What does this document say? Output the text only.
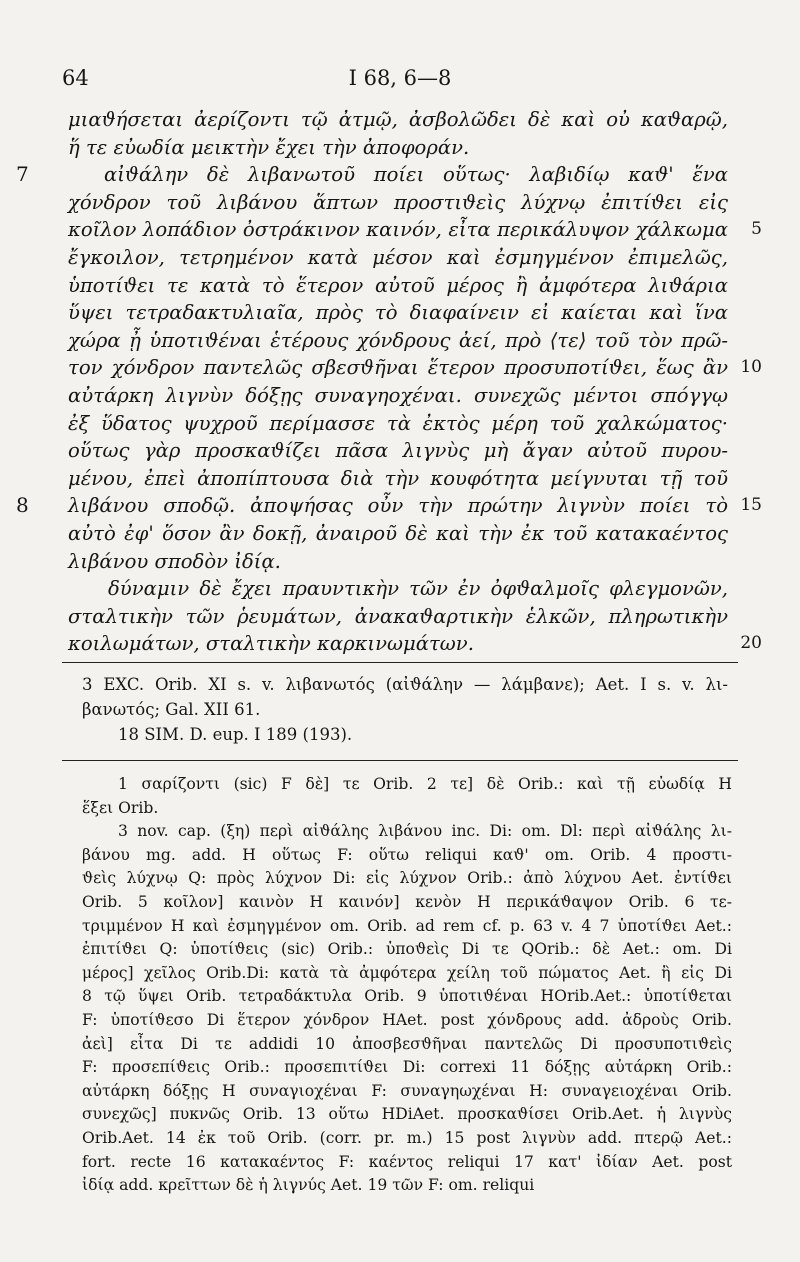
64	I 68, 6—8
μιαϑήσεται ἀερίζοντι τῷ ἀτμῷ, ἀσβολῶδει δὲ καὶ οὐ καϑαρῷ,
ἥ τε εὐωδία μεικτὴν ἔχει τὴν ἀποφοράν.
7	αἰϑάλην δὲ λιβανωτοῦ ποίει οὕτως· λαβιδίῳ καϑ' ἕνα
χόνδρον τοῦ λιβάνου ἅπτων προστιϑεὶς λύχνῳ ἐπιτίϑει εἰς
κοῖλον λοπάδιον ὀστράκινον καινόν, εἶτα περικάλυψον χάλκωμα 5
ἔγκοιλον, τετρημένον κατὰ μέσον καὶ ἐσμηγμένον ἐπιμελῶς,
ὑποτίϑει τε κατὰ τὸ ἕτερον αὐτοῦ μέρος ἢ ἀμφότερα λιϑάρια
ὕψει τετραδακτυλιαῖα, πρὸς τὸ διαφαίνειν εἰ καίεται καὶ ἵνα
χώρα ᾖ ὑποτιϑέναι ἑτέρους χόνδρους ἀεί, πρὸ ⟨τε⟩ τοῦ τὸν πρῶ-
τον χόνδρον παντελῶς σβεσϑῆναι ἕτερον προσυποτίϑει, ἕως ἂν 10
αὐτάρκη λιγνὺν δόξῃς συναγηοχέναι. συνεχῶς μέντοι σπόγγῳ
ἐξ ὕδατος ψυχροῦ περίμασσε τὰ ἐκτὸς μέρη τοῦ χαλκώματος·
οὕτως γὰρ προσκαϑίζει πᾶσα λιγνὺς μὴ ἄγαν αὐτοῦ πυρου-
μένου, ἐπεὶ ἀποπίπτουσα διὰ τὴν κουφότητα μείγνυται τῇ τοῦ
8 λιβάνου σποδῷ. ἀποψήσας οὖν τὴν πρώτην λιγνὺν ποίει τὸ 15
αὐτὸ ἐφ' ὅσον ἂν δοκῇ, ἀναιροῦ δὲ καὶ τὴν ἐκ τοῦ κατακαέντος
λιβάνου σποδὸν ἰδίᾳ.
δύναμιν δὲ ἔχει πραυντικὴν τῶν ἐν ὀφϑαλμοῖς φλεγμονῶν,
σταλτικὴν τῶν ῥευμάτων, ἀνακαϑαρτικὴν ἑλκῶν, πληρωτικὴν
κοιλωμάτων, σταλτικὴν καρκινωμάτων.	20
3 EXC. Orib. XI s. v. λιβανωτός (αἰϑάλην — λάμβανε); Aet. I s. v. λι-
βανωτός; Gal. XII 61.
18 SIM. D. eup. I 189 (193).
1 σαρίζοντι (sic) F δὲ] τε Orib. 2 τε] δὲ Orib.: καὶ τῇ εὐωδίᾳ H
ἕξει Orib.
3 nov. cap. (ξη) περὶ αἰϑάλης λιβάνου inc. Di: om. Dl: περὶ αἰϑάλης λι-
βάνου mg. add. H οὕτως F: οὕτω reliqui καϑ' om. Orib. 4 προστι-
ϑεὶς λύχνῳ Q: πρὸς λύχνον Di: εἰς λύχνον Orib.: ἀπὸ λύχνου Aet. ἐντίϑει
Orib. 5 κοῖλον] καινὸν H καινόν] κενὸν H περικάϑαψον Orib. 6 τε-
τριμμένον H καὶ ἐσμηγμένον om. Orib. ad rem cf. p. 63 v. 4 7 ὑποτίϑει Aet.:
ἐπιτίϑει Q: ὑποτίϑεις (sic) Orib.: ὑποϑεὶς Di τε QOrib.: δὲ Aet.: om. Di
μέρος] χεῖλος Orib.Di: κατὰ τὰ ἀμφότερα χείλη τοῦ πώματος Aet. ἢ εἰς Di
8 τῷ ὕψει Orib. τετραδάκτυλα Orib. 9 ὑποτιϑέναι HOrib.Aet.: ὑποτίϑεται
F: ὑποτίϑεσο Di ἕτερον χόνδρον HAet. post χόνδρους add. ἀδροὺς Orib.
ἀεὶ] εἶτα Di τε addidi 10 ἀποσβεσϑῆναι παντελῶς Di προσυποτιϑεὶς
F: προσεπίϑεις Orib.: προσεπιτίϑει Di: correxi 11 δόξῃς αὐτάρκη Orib.:
αὐτάρκη δόξῃς H συναγιοχέναι F: συναγηωχέναι H: συναγειοχέναι Orib.
συνεχῶς] πυκνῶς Orib. 13 οὕτω HDiAet. προσκαϑίσει Orib.Aet. ἡ λιγνὺς
Orib.Aet. 14 ἐκ τοῦ Orib. (corr. pr. m.) 15 post λιγνὺν add. πτερῷ Aet.:
fort. recte 16 κατακαέντος F: καέντος reliqui 17 κατ' ἰδίαν Aet. post
ἰδίᾳ add. κρεῖττων δὲ ἡ λιγνύς Aet. 19 τῶν F: om. reliqui
